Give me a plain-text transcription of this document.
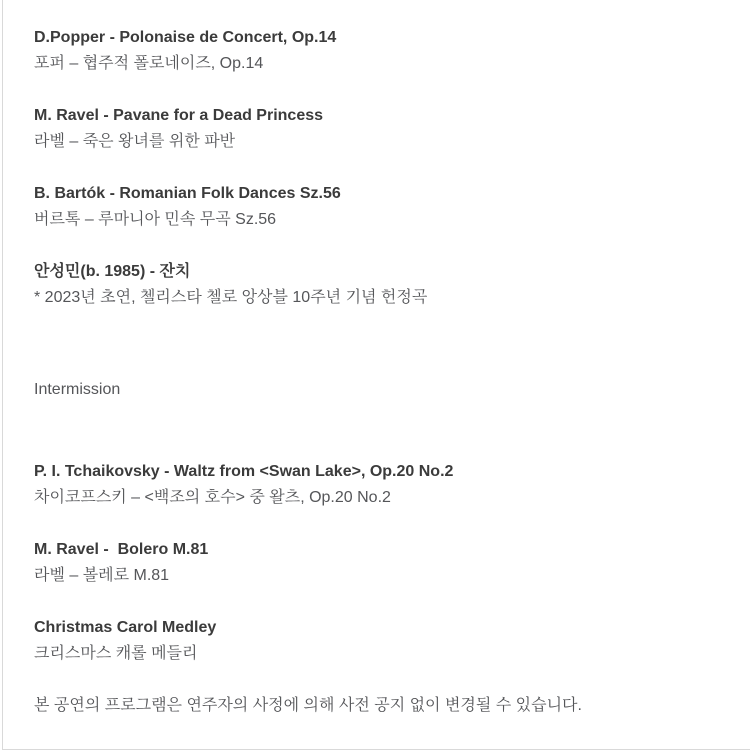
D.Popper - Polonaise de Concert, Op.14

포퍼 – 협주적 폴로네이즈, Op.14

M. Ravel - Pavane for a Dead Princess

라벨 – 죽은 왕녀를 위한 파반

B. Bartók - Romanian Folk Dances Sz.56

버르톡 – 루마니아 민속 무곡 Sz.56

안성민(b. 1985) - 잔치

* 2023년 초연, 첼리스타 첼로 앙상블 10주년 기념 헌정곡

Intermission

P. I. Tchaikovsky - Waltz from <Swan Lake>, Op.20 No.2

차이코프스키 – <백조의 호수> 중 왈츠, Op.20 No.2

M. Ravel -  Bolero M.81

라벨 – 볼레로 M.81

Christmas Carol Medley

크리스마스 캐롤 메들리

본 공연의 프로그램은 연주자의 사정에 의해 사전 공지 없이 변경될 수 있습니다.
